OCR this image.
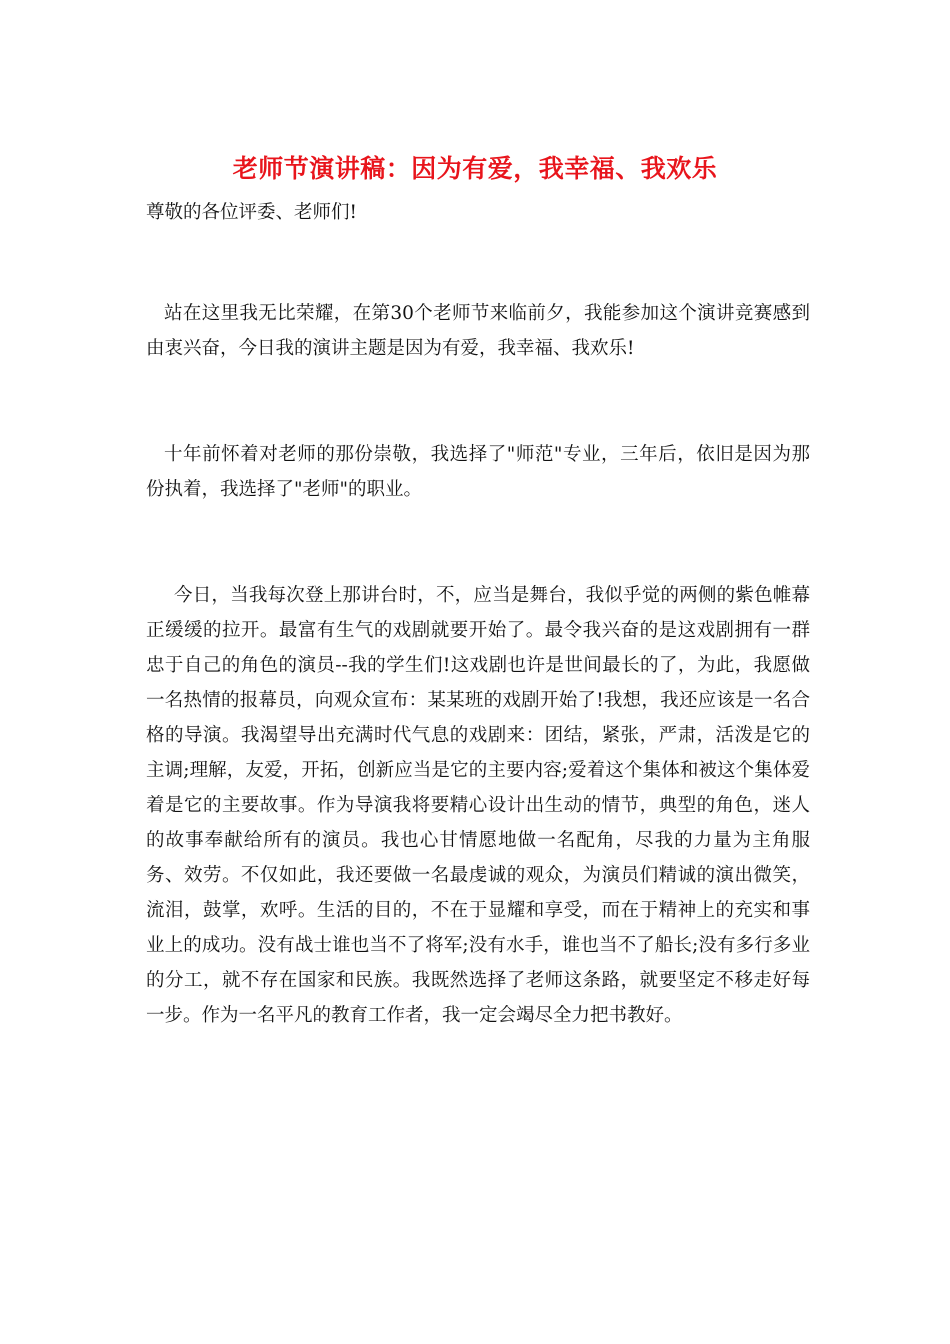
老师节演讲稿：因为有爱，我幸福、我欢乐
尊敬的各位评委、老师们!

站在这里我无比荣耀，在第30个老师节来临前夕，我能参加这个演讲竞赛感到由衷兴奋，今日我的演讲主题是因为有爱，我幸福、我欢乐!

十年前怀着对老师的那份崇敬，我选择了"师范"专业，三年后，依旧是因为那份执着，我选择了"老师"的职业。

今日，当我每次登上那讲台时，不，应当是舞台，我似乎觉的两侧的紫色帷幕正缓缓的拉开。最富有生气的戏剧就要开始了。最令我兴奋的是这戏剧拥有一群忠于自己的角色的演员--我的学生们!这戏剧也许是世间最长的了，为此，我愿做一名热情的报幕员，向观众宣布：某某班的戏剧开始了!我想，我还应该是一名合格的导演。我渴望导出充满时代气息的戏剧来：团结，紧张，严肃，活泼是它的主调;理解，友爱，开拓，创新应当是它的主要内容;爱着这个集体和被这个集体爱着是它的主要故事。作为导演我将要精心设计出生动的情节，典型的角色，迷人的故事奉献给所有的演员。我也心甘情愿地做一名配角，尽我的力量为主角服务、效劳。不仅如此，我还要做一名最虔诚的观众，为演员们精诚的演出微笑，流泪，鼓掌，欢呼。生活的目的，不在于显耀和享受，而在于精神上的充实和事业上的成功。没有战士谁也当不了将军;没有水手，谁也当不了船长;没有多行多业的分工，就不存在国家和民族。我既然选择了老师这条路，就要坚定不移走好每一步。作为一名平凡的教育工作者，我一定会竭尽全力把书教好。
